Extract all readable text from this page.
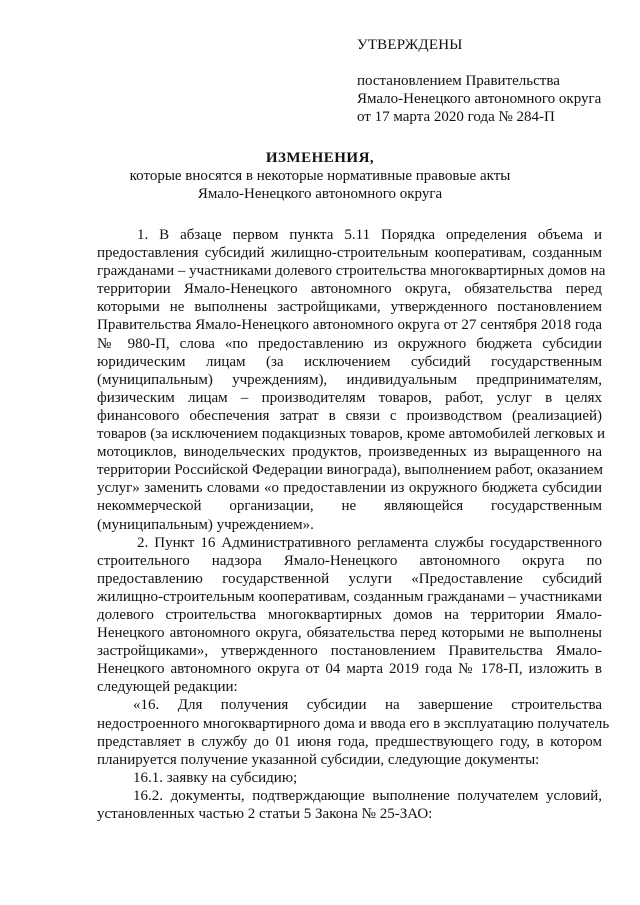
УТВЕРЖДЕНЫ
постановлением Правительства
Ямало-Ненецкого автономного округа
от 17 марта 2020 года № 284-П
ИЗМЕНЕНИЯ,
которые вносятся в некоторые нормативные правовые акты
Ямало-Ненецкого автономного округа
1. В абзаце первом пункта 5.11 Порядка определения объема и
предоставления субсидий жилищно-строительным кооперативам, созданным
гражданами – участниками долевого строительства многоквартирных домов на
территории Ямало-Ненецкого автономного округа, обязательства перед
которыми не выполнены застройщиками, утвержденного постановлением
Правительства Ямало-Ненецкого автономного округа от 27 сентября 2018 года
№ 980-П, слова «по предоставлению из окружного бюджета субсидии
юридическим лицам (за исключением субсидий государственным
(муниципальным) учреждениям), индивидуальным предпринимателям,
физическим лицам – производителям товаров, работ, услуг в целях
финансового обеспечения затрат в связи с производством (реализацией)
товаров (за исключением подакцизных товаров, кроме автомобилей легковых и
мотоциклов, винодельческих продуктов, произведенных из выращенного на
территории Российской Федерации винограда), выполнением работ, оказанием
услуг» заменить словами «о предоставлении из окружного бюджета субсидии
некоммерческой организации, не являющейся государственным
(муниципальным) учреждением».
2. Пункт 16 Административного регламента службы государственного
строительного надзора Ямало-Ненецкого автономного округа по
предоставлению государственной услуги «Предоставление субсидий
жилищно-строительным кооперативам, созданным гражданами – участниками
долевого строительства многоквартирных домов на территории Ямало-
Ненецкого автономного округа, обязательства перед которыми не выполнены
застройщиками», утвержденного постановлением Правительства Ямало-
Ненецкого автономного округа от 04 марта 2019 года № 178-П, изложить в
следующей редакции:
«16. Для получения субсидии на завершение строительства
недостроенного многоквартирного дома и ввода его в эксплуатацию получатель
представляет в службу до 01 июня года, предшествующего году, в котором
планируется получение указанной субсидии, следующие документы:
16.1. заявку на субсидию;
16.2. документы, подтверждающие выполнение получателем условий,
установленных частью 2 статьи 5 Закона № 25-ЗАО:
